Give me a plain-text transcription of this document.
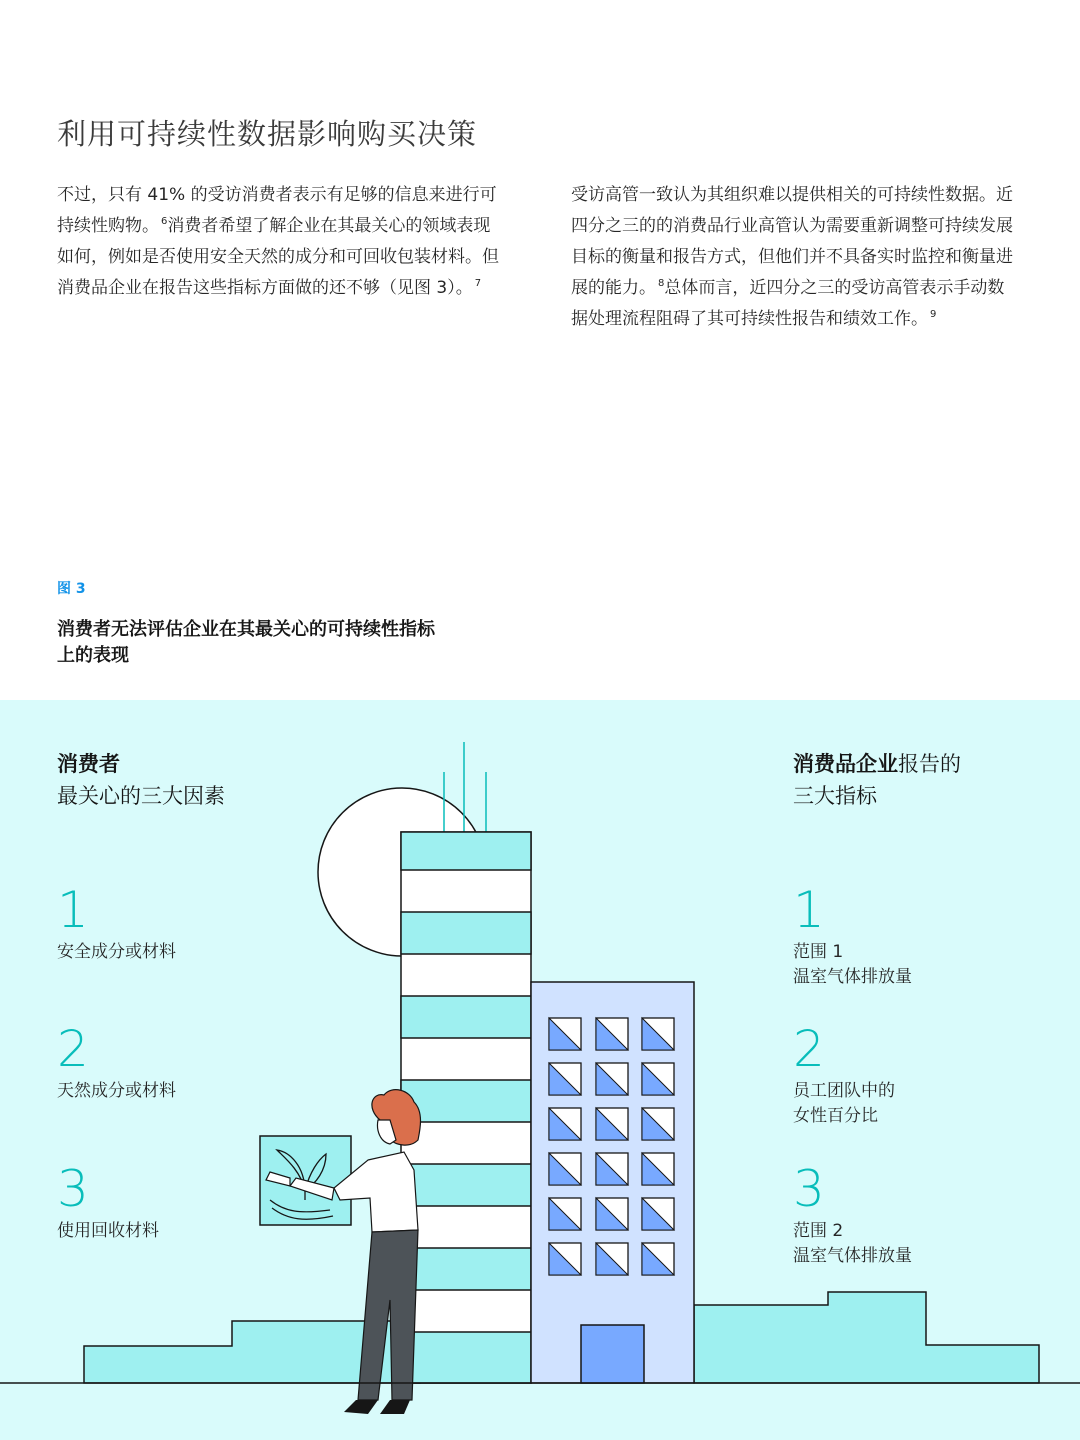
利用可持续性数据影响购买决策

不过，只有 41% 的受访消费者表示有足够的信息来进行可持续性购物。 $^6$消费者希望了解企业在其最关心的领域表现如何，例如是否使用安全天然的成分和可回收包装材料。但消费品企业在报告这些指标方面做的还不够（见图 3）。 $^7$

受访高管一致认为其组织难以提供相关的可持续性数据。近四分之三的的消费品行业高管认为需要重新调整可持续发展目标的衡量和报告方式，但他们并不具备实时监控和衡量进展的能力。 $^8$总体而言，近四分之三的受访高管表示手动数据处理流程阻碍了其可持续性报告和绩效工作。 $^9$

图 3

消费者无法评估企业在其最关心的可持续性指标上的表现

消费者
最关心的三大因素
1
安全成分或材料
2
天然成分或材料
3
使用回收材料
消费品企业报告的
三大指标
1
范围 1
温室气体排放量
2
员工团队中的
女性百分比
3
范围 2
温室气体排放量
